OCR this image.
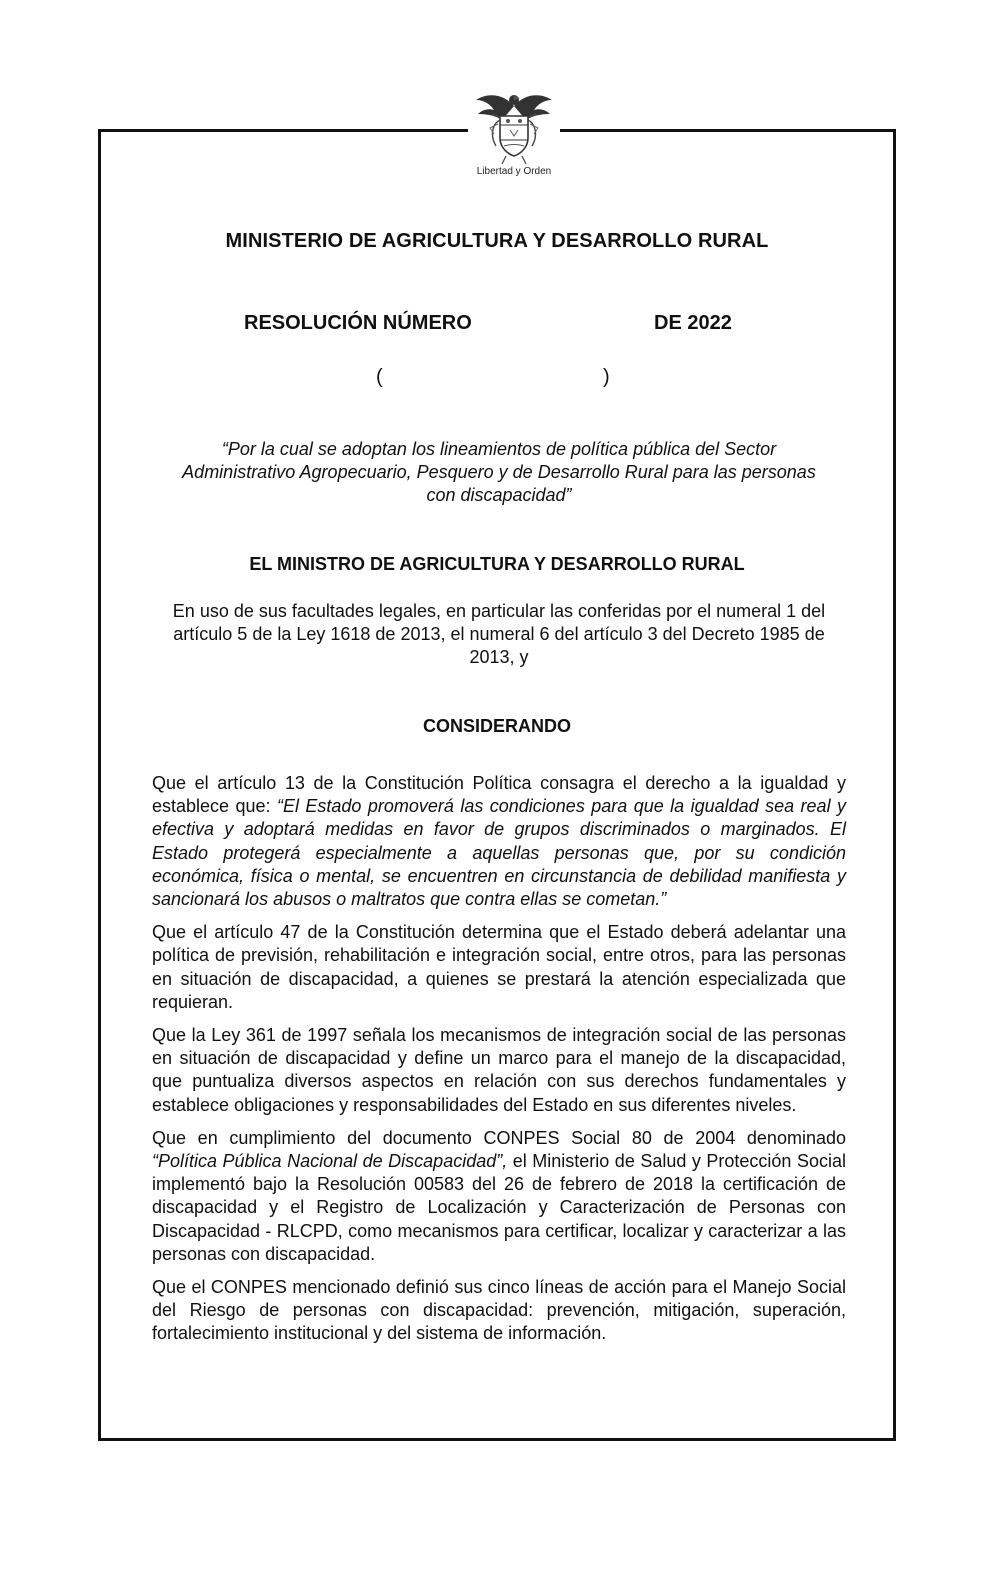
Libertad y Orden
MINISTERIO DE AGRICULTURA Y DESARROLLO RURAL
RESOLUCIÓN NÚMERO	DE 2022
(	)
“Por la cual se adoptan los lineamientos de política pública del Sector Administrativo Agropecuario, Pesquero y de Desarrollo Rural para las personas con discapacidad”
EL MINISTRO DE AGRICULTURA Y DESARROLLO RURAL
En uso de sus facultades legales, en particular las conferidas por el numeral 1 del artículo 5 de la Ley 1618 de 2013, el numeral 6 del artículo 3 del Decreto 1985 de 2013, y
CONSIDERANDO

Que el artículo 13 de la Constitución Política consagra el derecho a la igualdad y establece que: “El Estado promoverá las condiciones para que la igualdad sea real y efectiva y adoptará medidas en favor de grupos discriminados o marginados. El Estado protegerá especialmente a aquellas personas que, por su condición económica, física o mental, se encuentren en circunstancia de debilidad manifiesta y sancionará los abusos o maltratos que contra ellas se cometan.”

Que el artículo 47 de la Constitución determina que el Estado deberá adelantar una política de previsión, rehabilitación e integración social, entre otros, para las personas en situación de discapacidad, a quienes se prestará la atención especializada que requieran.

Que la Ley 361 de 1997 señala los mecanismos de integración social de las personas en situación de discapacidad y define un marco para el manejo de la discapacidad, que puntualiza diversos aspectos en relación con sus derechos fundamentales y establece obligaciones y responsabilidades del Estado en sus diferentes niveles.

Que en cumplimiento del documento CONPES Social 80 de 2004 denominado “Política Pública Nacional de Discapacidad”, el Ministerio de Salud y Protección Social implementó bajo la Resolución 00583 del 26 de febrero de 2018 la certificación de discapacidad y el Registro de Localización y Caracterización de Personas con Discapacidad - RLCPD, como mecanismos para certificar, localizar y caracterizar a las personas con discapacidad.

Que el CONPES mencionado definió sus cinco líneas de acción para el Manejo Social del Riesgo de personas con discapacidad: prevención, mitigación, superación, fortalecimiento institucional y del sistema de información.
